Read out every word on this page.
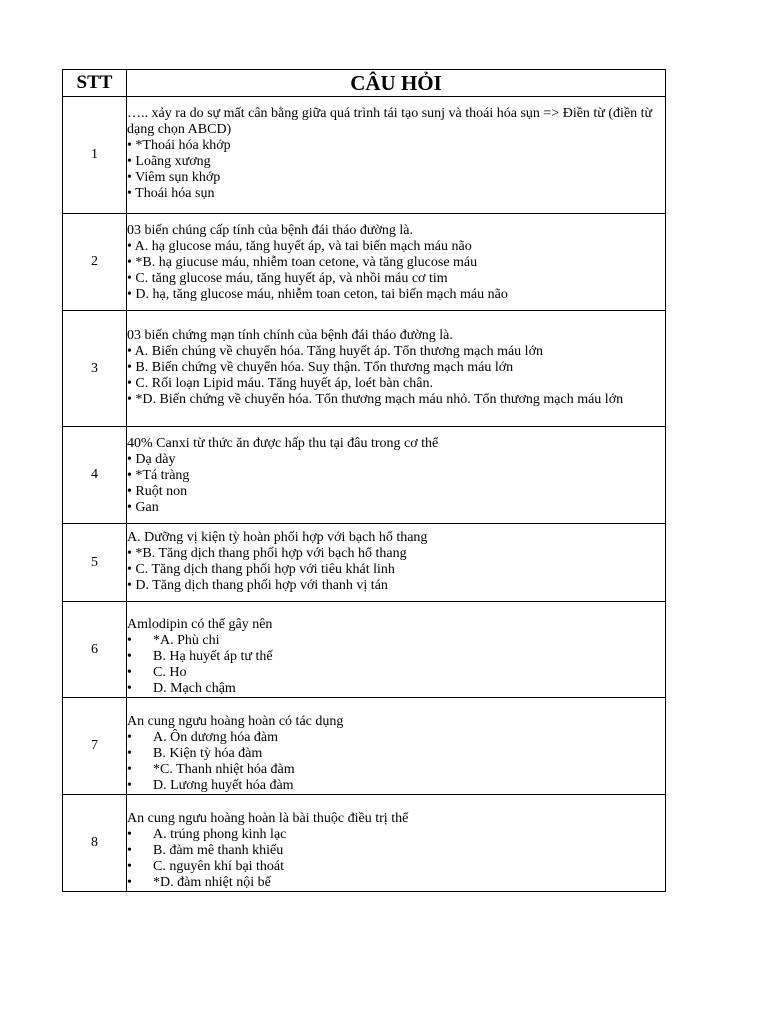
STT	CÂU HỎI
1	….. xảy ra do sự mất cân bằng giữa quá trình tái tạo sunj và thoái hóa sụn => Điền từ (điền từ dạng chọn ABCD)
• *Thoái hóa khớp
• Loãng xương
• Viêm sụn khớp
• Thoái hóa sụn

2	03 biến chúng cấp tính của bệnh đái tháo đường là.
• A. hạ glucose máu, tăng huyết áp, và tai biến mạch máu não
• *B. hạ giucuse máu, nhiễm toan cetone, và tăng glucose máu
• C. tăng glucose máu, tăng huyết áp, và nhồi máu cơ tim
• D. hạ, tăng glucose máu, nhiễm toan ceton, tai biến mạch máu não

3	03 biến chứng mạn tính chính của bệnh đái tháo đường là.
• A. Biến chúng về chuyển hóa. Tăng huyết áp. Tổn thương mạch máu lớn
• B. Biến chứng về chuyển hóa. Suy thận. Tổn thương mạch máu lớn
• C. Rối loạn Lipid máu. Tăng huyết áp, loét bàn chân.
• *D. Biến chứng về chuyển hóa. Tổn thương mạch máu nhỏ. Tổn thương mạch máu lớn

4	40% Canxi từ thức ăn được hấp thu tại đâu trong cơ thể
• Dạ dày
• *Tá tràng
• Ruột non
• Gan

5	A. Dưỡng vị kiện tỳ hoàn phối hợp với bạch hổ thang
• *B. Tăng dịch thang phối hợp với bạch hổ thang
• C. Tăng dịch thang phối hợp với tiêu khát linh
• D. Tăng dịch thang phối hợp với thanh vị tán

6	Amlodipin có thể gây nên
• *A. Phù chi
• B. Hạ huyết áp tư thế
• C. Ho
• D. Mạch chậm

7	An cung ngưu hoàng hoàn có tác dụng
• A. Ôn dương hóa đàm
• B. Kiện tỳ hóa đàm
• *C. Thanh nhiệt hóa đàm
• D. Lương huyết hóa đàm

8	An cung ngưu hoàng hoàn là bài thuộc điều trị thể
• A. trúng phong kinh lạc
• B. đàm mê thanh khiếu
• C. nguyên khí bại thoát
• *D. đàm nhiệt nội bế
